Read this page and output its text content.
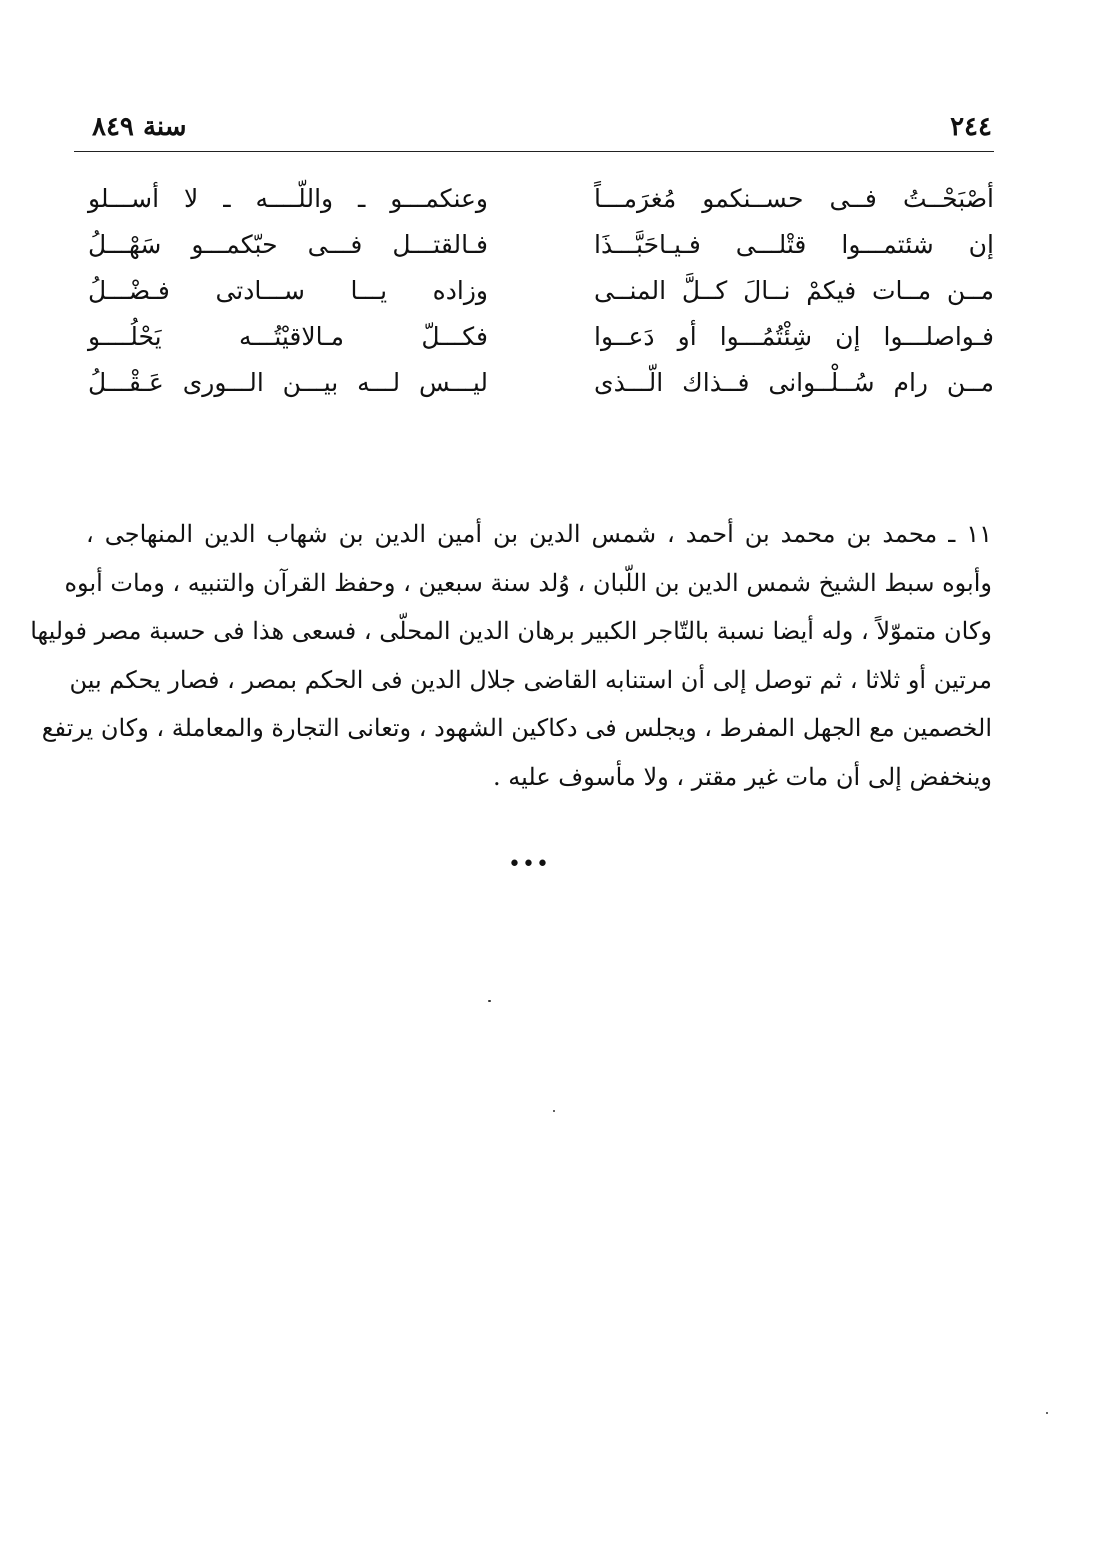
٢٤٤
سنة ٨٤٩
أصْبَحْــتُ فــى حســنكمو مُغرَمـــاً
إن شئتمـــوا قتْلـــى فـيـاحَبَّـــذَا
مــن مــات فيكمْ نــالَ كــلَّ المنــى
فـواصلـــوا إن شِئْتُمُـــوا أو دَعــوا
مــن رام سُــلْــوانى فــذاك الّـــذى
وعنكمـــو ـ واللّــــه ـ لا أســـلو
فـالقتـــل فـــى حبّكمـــو سَهْـــلُ
وزاده يـــا ســـادتى فـضْـــلُ
فكـــلّ مـالاقيْتُـــه يَحْلُــــو
ليـــس لـــه بيـــن الـــورى عَـقْـــلُ
١١ ـ محمد بن محمد بن أحمد ، شمس الدين بن أمين الدين بن شهاب الدين المنهاجى ،
وأبوه سبط الشيخ شمس الدين بن اللّبان ، وُلد سنة سبعين ، وحفظ القرآن والتنبيه ، ومات أبوه
وكان متموّلاً ، وله أيضا نسبة بالتّاجر الكبير برهان الدين المحلّى ، فسعى هذا فى حسبة مصر فوليها
مرتين أو ثلاثا ، ثم توصل إلى أن استنابه القاضى جلال الدين فى الحكم بمصر ، فصار يحكم بين
الخصمين مع الجهل المفرط ، ويجلس فى دكاكين الشهود ، وتعانى التجارة والمعاملة ، وكان يرتفع
وينخفض إلى أن مات غير مقتر ، ولا مأسوف عليه .
•••
